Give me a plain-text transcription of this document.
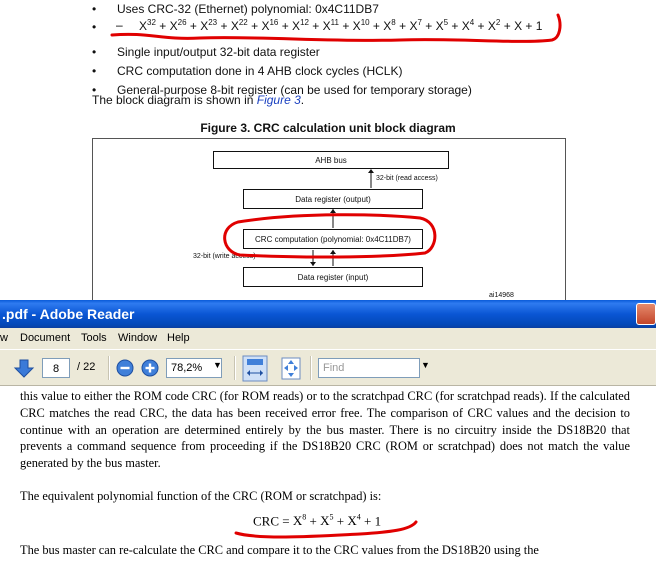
• Uses CRC-32 (Ethernet) polynomial: 0x4C11DB7
•
• Single input/output 32-bit data register
• CRC computation done in 4 AHB clock cycles (HCLK)
• General-purpose 8-bit register (can be used for temporary storage)
– $X^{32} + X^{26} + X^{23} + X^{22} + X^{16} + X^{12} + X^{11} + X^{10} + X^8 + X^7 + X^5 + X^4 + X^2 + X + 1$
The block diagram is shown in Figure 3.
Figure 3. CRC calculation unit block diagram
AHB bus
Data register (output)
CRC computation (polynomial: 0x4C11DB7)
Data register (input)
32-bit (read access)
32-bit (write access)
ai14968
.pdf - Adobe Reader
w Document Tools Window Help
8	/ 22	78,2%	▼	Find	▼

this value to either the ROM code CRC (for ROM reads) or to the scratchpad CRC (for scratchpad reads). If the calculated CRC matches the read CRC, the data has been received error free. The comparison of CRC values and the decision to continue with an operation are determined entirely by the bus master. There is no circuitry inside the DS18B20 that prevents a command sequence from proceeding if the DS18B20 CRC (ROM or scratchpad) does not match the value generated by the bus master.

The equivalent polynomial function of the CRC (ROM or scratchpad) is:

CRC = $X^8 + X^5 + X^4 + 1$

The bus master can re-calculate the CRC and compare it to the CRC values from the DS18B20 using the
